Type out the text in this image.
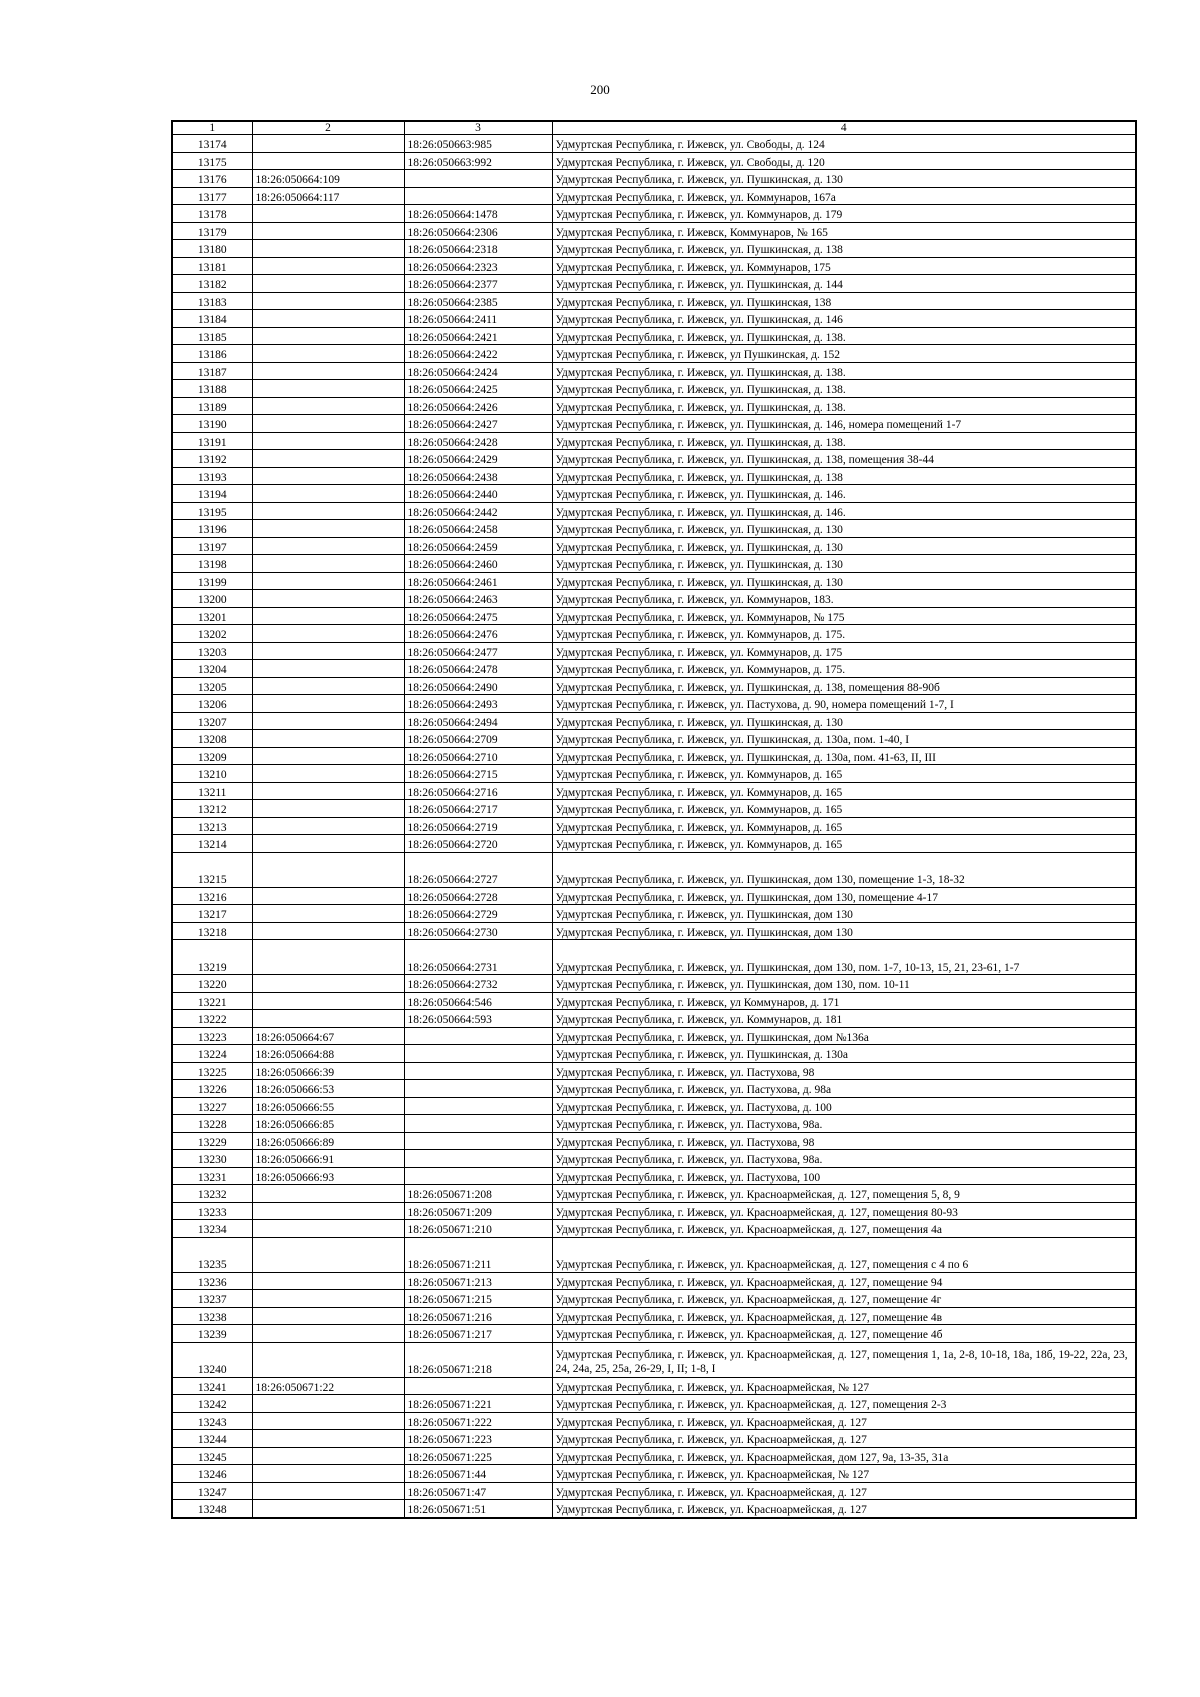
200
1	2	3	4
13174		18:26:050663:985	Удмуртская Республика, г. Ижевск, ул. Свободы, д. 124
13175		18:26:050663:992	Удмуртская Республика, г. Ижевск, ул. Свободы, д. 120
13176	18:26:050664:109		Удмуртская Республика, г. Ижевск, ул. Пушкинская, д. 130
13177	18:26:050664:117		Удмуртская Республика, г. Ижевск, ул. Коммунаров, 167а
13178		18:26:050664:1478	Удмуртская Республика, г. Ижевск, ул. Коммунаров, д. 179
13179		18:26:050664:2306	Удмуртская Республика, г. Ижевск, Коммунаров, № 165
13180		18:26:050664:2318	Удмуртская Республика, г. Ижевск, ул. Пушкинская, д. 138
13181		18:26:050664:2323	Удмуртская Республика, г. Ижевск, ул. Коммунаров, 175
13182		18:26:050664:2377	Удмуртская Республика, г. Ижевск, ул. Пушкинская, д. 144
13183		18:26:050664:2385	Удмуртская Республика, г. Ижевск, ул. Пушкинская, 138
13184		18:26:050664:2411	Удмуртская Республика, г. Ижевск, ул. Пушкинская, д. 146
13185		18:26:050664:2421	Удмуртская Республика, г. Ижевск, ул. Пушкинская, д. 138.
13186		18:26:050664:2422	Удмуртская Республика, г. Ижевск, ул Пушкинская, д. 152
13187		18:26:050664:2424	Удмуртская Республика, г. Ижевск, ул. Пушкинская, д. 138.
13188		18:26:050664:2425	Удмуртская Республика, г. Ижевск, ул. Пушкинская, д. 138.
13189		18:26:050664:2426	Удмуртская Республика, г. Ижевск, ул. Пушкинская, д. 138.
13190		18:26:050664:2427	Удмуртская Республика, г. Ижевск, ул. Пушкинская, д. 146, номера помещений 1-7
13191		18:26:050664:2428	Удмуртская Республика, г. Ижевск, ул. Пушкинская, д. 138.
13192		18:26:050664:2429	Удмуртская Республика, г. Ижевск, ул. Пушкинская, д. 138, помещения 38-44
13193		18:26:050664:2438	Удмуртская Республика, г. Ижевск, ул. Пушкинская, д. 138
13194		18:26:050664:2440	Удмуртская Республика, г. Ижевск, ул. Пушкинская, д. 146.
13195		18:26:050664:2442	Удмуртская Республика, г. Ижевск, ул. Пушкинская, д. 146.
13196		18:26:050664:2458	Удмуртская Республика, г. Ижевск, ул. Пушкинская, д. 130
13197		18:26:050664:2459	Удмуртская Республика, г. Ижевск, ул. Пушкинская, д. 130
13198		18:26:050664:2460	Удмуртская Республика, г. Ижевск, ул. Пушкинская, д. 130
13199		18:26:050664:2461	Удмуртская Республика, г. Ижевск, ул. Пушкинская, д. 130
13200		18:26:050664:2463	Удмуртская Республика, г. Ижевск, ул. Коммунаров, 183.
13201		18:26:050664:2475	Удмуртская Республика, г. Ижевск, ул. Коммунаров, № 175
13202		18:26:050664:2476	Удмуртская Республика, г. Ижевск, ул. Коммунаров, д. 175.
13203		18:26:050664:2477	Удмуртская Республика, г. Ижевск, ул. Коммунаров, д. 175
13204		18:26:050664:2478	Удмуртская Республика, г. Ижевск, ул. Коммунаров, д. 175.
13205		18:26:050664:2490	Удмуртская Республика, г. Ижевск, ул. Пушкинская, д. 138, помещения 88-90б
13206		18:26:050664:2493	Удмуртская Республика, г. Ижевск, ул. Пастухова, д. 90, номера помещений 1-7, I
13207		18:26:050664:2494	Удмуртская Республика, г. Ижевск, ул. Пушкинская, д. 130
13208		18:26:050664:2709	Удмуртская Республика, г. Ижевск, ул. Пушкинская, д. 130а, пом. 1-40, I
13209		18:26:050664:2710	Удмуртская Республика, г. Ижевск, ул. Пушкинская, д. 130а, пом. 41-63, II, III
13210		18:26:050664:2715	Удмуртская Республика, г. Ижевск, ул. Коммунаров, д. 165
13211		18:26:050664:2716	Удмуртская Республика, г. Ижевск, ул. Коммунаров, д. 165
13212		18:26:050664:2717	Удмуртская Республика, г. Ижевск, ул. Коммунаров, д. 165
13213		18:26:050664:2719	Удмуртская Республика, г. Ижевск, ул. Коммунаров, д. 165
13214		18:26:050664:2720	Удмуртская Республика, г. Ижевск, ул. Коммунаров, д. 165
13215		18:26:050664:2727	Удмуртская Республика, г. Ижевск, ул. Пушкинская, дом 130, помещение 1-3, 18-32
13216		18:26:050664:2728	Удмуртская Республика, г. Ижевск, ул. Пушкинская, дом 130, помещение 4-17
13217		18:26:050664:2729	Удмуртская Республика, г. Ижевск, ул. Пушкинская, дом 130
13218		18:26:050664:2730	Удмуртская Республика, г. Ижевск, ул. Пушкинская, дом 130
13219		18:26:050664:2731	Удмуртская Республика, г. Ижевск, ул. Пушкинская, дом 130, пом. 1-7, 10-13, 15, 21, 23-61, 1-7
13220		18:26:050664:2732	Удмуртская Республика, г. Ижевск, ул. Пушкинская, дом 130, пом. 10-11
13221		18:26:050664:546	Удмуртская Республика, г. Ижевск, ул Коммунаров, д. 171
13222		18:26:050664:593	Удмуртская Республика, г. Ижевск, ул. Коммунаров, д. 181
13223	18:26:050664:67		Удмуртская Республика, г. Ижевск, ул. Пушкинская, дом №136а
13224	18:26:050664:88		Удмуртская Республика, г. Ижевск, ул. Пушкинская, д. 130а
13225	18:26:050666:39		Удмуртская Республика, г. Ижевск, ул. Пастухова, 98
13226	18:26:050666:53		Удмуртская Республика, г. Ижевск, ул. Пастухова, д. 98а
13227	18:26:050666:55		Удмуртская Республика, г. Ижевск, ул. Пастухова, д. 100
13228	18:26:050666:85		Удмуртская Республика, г. Ижевск, ул. Пастухова, 98а.
13229	18:26:050666:89		Удмуртская Республика, г. Ижевск, ул. Пастухова, 98
13230	18:26:050666:91		Удмуртская Республика, г. Ижевск, ул. Пастухова, 98а.
13231	18:26:050666:93		Удмуртская Республика, г. Ижевск, ул. Пастухова, 100
13232		18:26:050671:208	Удмуртская Республика, г. Ижевск, ул. Красноармейская, д. 127, помещения 5, 8, 9
13233		18:26:050671:209	Удмуртская Республика, г. Ижевск, ул. Красноармейская, д. 127, помещения 80-93
13234		18:26:050671:210	Удмуртская Республика, г. Ижевск, ул. Красноармейская, д. 127, помещения 4а
13235		18:26:050671:211	Удмуртская Республика, г. Ижевск, ул. Красноармейская, д. 127, помещения с 4 по 6
13236		18:26:050671:213	Удмуртская Республика, г. Ижевск, ул. Красноармейская, д. 127, помещение 94
13237		18:26:050671:215	Удмуртская Республика, г. Ижевск, ул. Красноармейская, д. 127, помещение 4г
13238		18:26:050671:216	Удмуртская Республика, г. Ижевск, ул. Красноармейская, д. 127, помещение 4в
13239		18:26:050671:217	Удмуртская Республика, г. Ижевск, ул. Красноармейская, д. 127, помещение 4б
13240		18:26:050671:218	Удмуртская Республика, г. Ижевск, ул. Красноармейская, д. 127, помещения 1, 1а, 2-8, 10-18, 18а, 18б, 19-22, 22а, 23, 24, 24а, 25, 25а, 26-29, I, II; 1-8, I
13241	18:26:050671:22		Удмуртская Республика, г. Ижевск, ул. Красноармейская, № 127
13242		18:26:050671:221	Удмуртская Республика, г. Ижевск, ул. Красноармейская, д. 127, помещения 2-3
13243		18:26:050671:222	Удмуртская Республика, г. Ижевск, ул. Красноармейская, д. 127
13244		18:26:050671:223	Удмуртская Республика, г. Ижевск, ул. Красноармейская, д. 127
13245		18:26:050671:225	Удмуртская Республика, г. Ижевск, ул. Красноармейская, дом 127, 9а, 13-35, 31а
13246		18:26:050671:44	Удмуртская Республика, г. Ижевск, ул. Красноармейская, № 127
13247		18:26:050671:47	Удмуртская Республика, г. Ижевск, ул. Красноармейская, д. 127
13248		18:26:050671:51	Удмуртская Республика, г. Ижевск, ул. Красноармейская, д. 127
